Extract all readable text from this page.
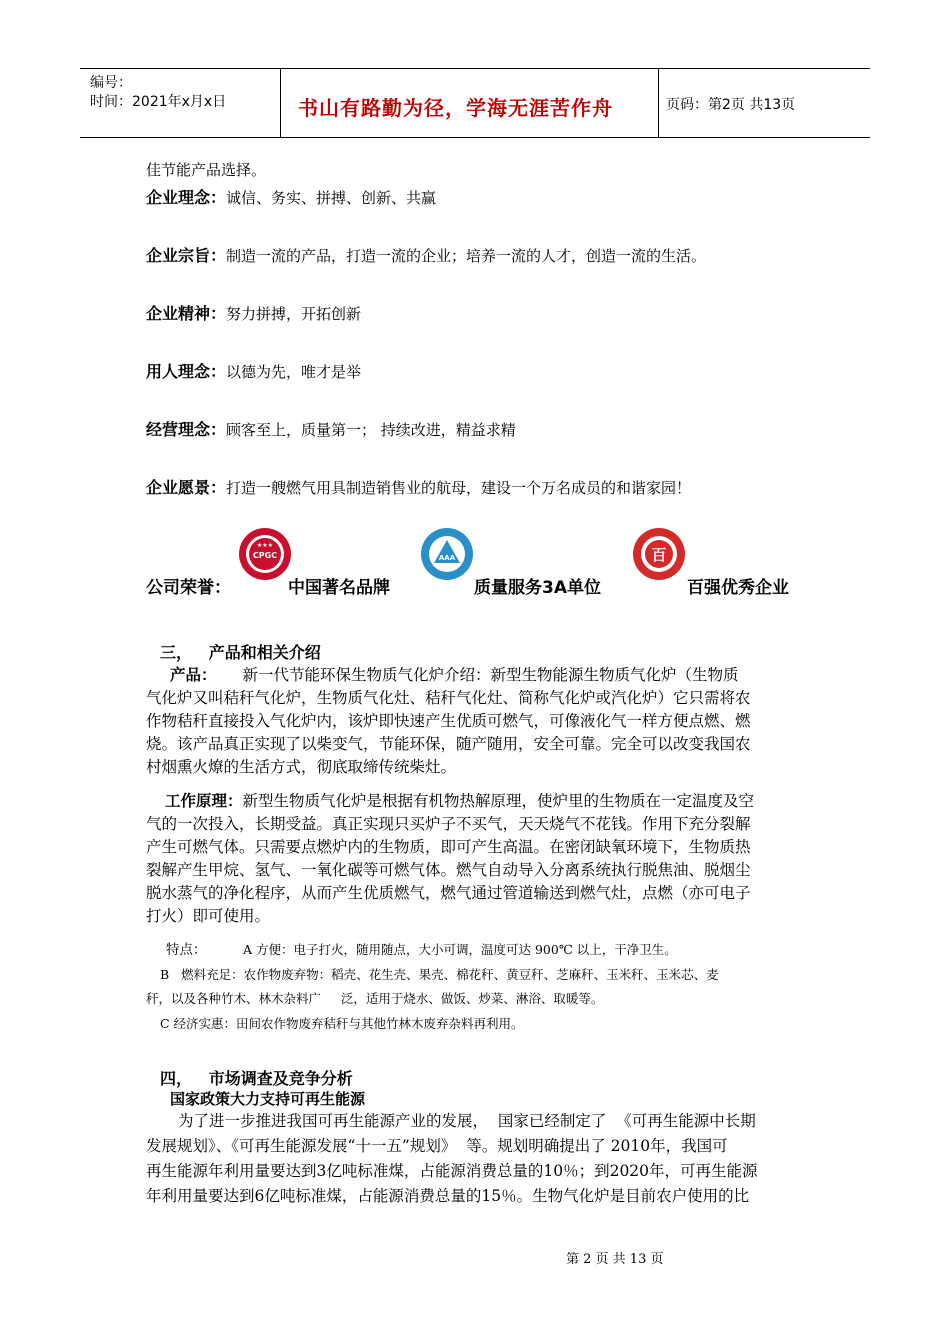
编号：
时间：2021年x月x日	书山有路勤为径，学海无涯苦作舟	页码：第2页 共13页
佳节能产品选择。
企业理念：诚信、务实、拼搏、创新、共赢
企业宗旨：制造一流的产品，打造一流的企业；培养一流的人才，创造一流的生活。
企业精神：努力拼搏，开拓创新
用人理念：以德为先，唯才是举
经营理念：顾客至上，质量第一； 持续改进，精益求精
企业愿景：打造一艘燃气用具制造销售业的航母，建设一个万名成员的和谐家园！
CPGC
★★★
AAA	百
公司荣誉：	中国著名品牌	质量服务3A单位	百强优秀企业
三，   产品和相关介绍
产品： 新一代节能环保生物质气化炉介绍：新型生物能源生物质气化炉（生物质
气化炉又叫秸秆气化炉，生物质气化灶、秸秆气化灶、简称气化炉或汽化炉）它只需将农
作物秸秆直接投入气化炉内，该炉即快速产生优质可燃气，可像液化气一样方便点燃、燃
烧。该产品真正实现了以柴变气，节能环保，随产随用，安全可靠。完全可以改变我国农
村烟熏火燎的生活方式，彻底取缔传统柴灶。
工作原理：新型生物质气化炉是根据有机物热解原理，使炉里的生物质在一定温度及空
气的一次投入，长期受益。真正实现只买炉子不买气，天天烧气不花钱。作用下充分裂解
产生可燃气体。只需要点燃炉内的生物质，即可产生高温。在密闭缺氧环境下，生物质热
裂解产生甲烷、氢气、一氧化碳等可燃气体。燃气自动导入分离系统执行脱焦油、脱烟尘
脱水蒸气的净化程序，从而产生优质燃气，燃气通过管道输送到燃气灶，点燃（亦可电子
打火）即可使用。
特点：	A 方便：电子打火，随用随点，大小可调，温度可达 900℃ 以上，干净卫生。
B   燃料充足：农作物废弃物：稻壳、花生壳、果壳、棉花秆、黄豆秆、芝麻秆、玉米秆、玉米芯、麦
秆，以及各种竹木、林木杂料广     泛，适用于烧水、做饭、炒菜、淋浴、取暖等。
C 经济实惠：田间农作物废弃秸秆与其他竹林木废弃杂料再利用。
四，   市场调查及竞争分析
国家政策大力支持可再生能源
为了进一步推进我国可再生能源产业的发展，  国家已经制定了  《可再生能源中长期
发展规划》、《可再生能源发展“十一五”规划》  等。规划明确提出了 2010年，我国可
再生能源年利用量要达到3亿吨标准煤，占能源消费总量的10％；到2020年，可再生能源
年利用量要达到6亿吨标准煤，占能源消费总量的15％。生物气化炉是目前农户使用的比
第 2 页 共 13 页
